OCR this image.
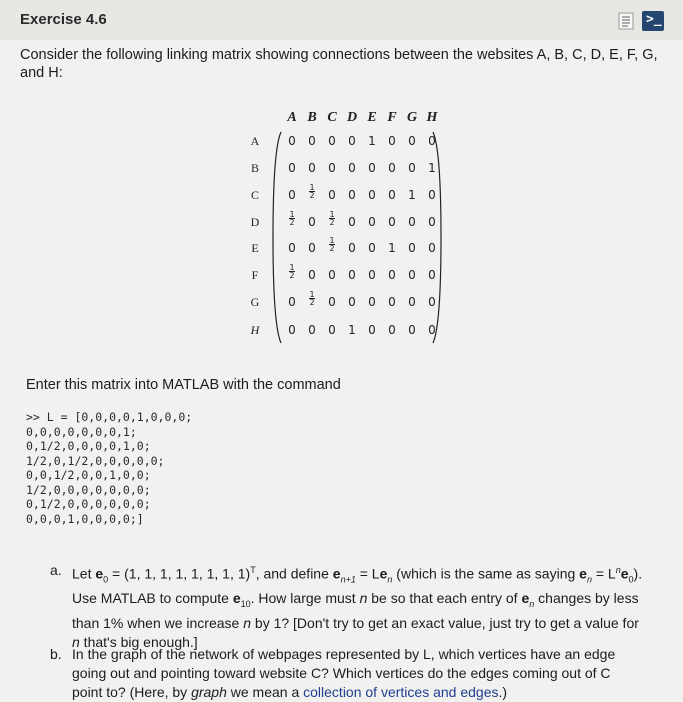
Exercise 4.6	>_
Consider the following linking matrix showing connections between the websites A, B, C, D, E, F, G, and H:
A B C D E F G H
A	0	0	0	0	1	0	0	0
B	0	0	0	0	0	0	0	1
C	0	$\frac{1}{2}$	0	0	0	0	1	0
D	$\frac{1}{2}$	0	$\frac{1}{2}$	0	0	0	0	0
E	0	0	$\frac{1}{2}$	0	0	1	0	0
F	$\frac{1}{2}$	0	0	0	0	0	0	0
G	0	$\frac{1}{2}$	0	0	0	0	0	0
H	0	0	0	1	0	0	0	0
Enter this matrix into MATLAB with the command
>> L = [0,0,0,0,1,0,0,0;
0,0,0,0,0,0,0,1;
0,1/2,0,0,0,0,1,0;
1/2,0,1/2,0,0,0,0,0;
0,0,1/2,0,0,1,0,0;
1/2,0,0,0,0,0,0,0;
0,1/2,0,0,0,0,0,0;
0,0,0,1,0,0,0,0;]
a. Let $e_0 = (1$, 1, 1, 1, 1, 1, 1, 1)$^T$, and define $e_{n+1} = Le_n$ (which is the same as saying $e_n = L^ne_0$).
Use MATLAB to compute $e_{10}$. How large must n be so that each entry of $e_n$ changes by less
than 1% when we increase n by 1? [Don't try to get an exact value, just try to get a value for
n that's big enough.]
b. In the graph of the network of webpages represented by L, which vertices have an edge
going out and pointing toward website C? Which vertices do the edges coming out of C
point to? (Here, by graph we mean a collection of vertices and edges.)
